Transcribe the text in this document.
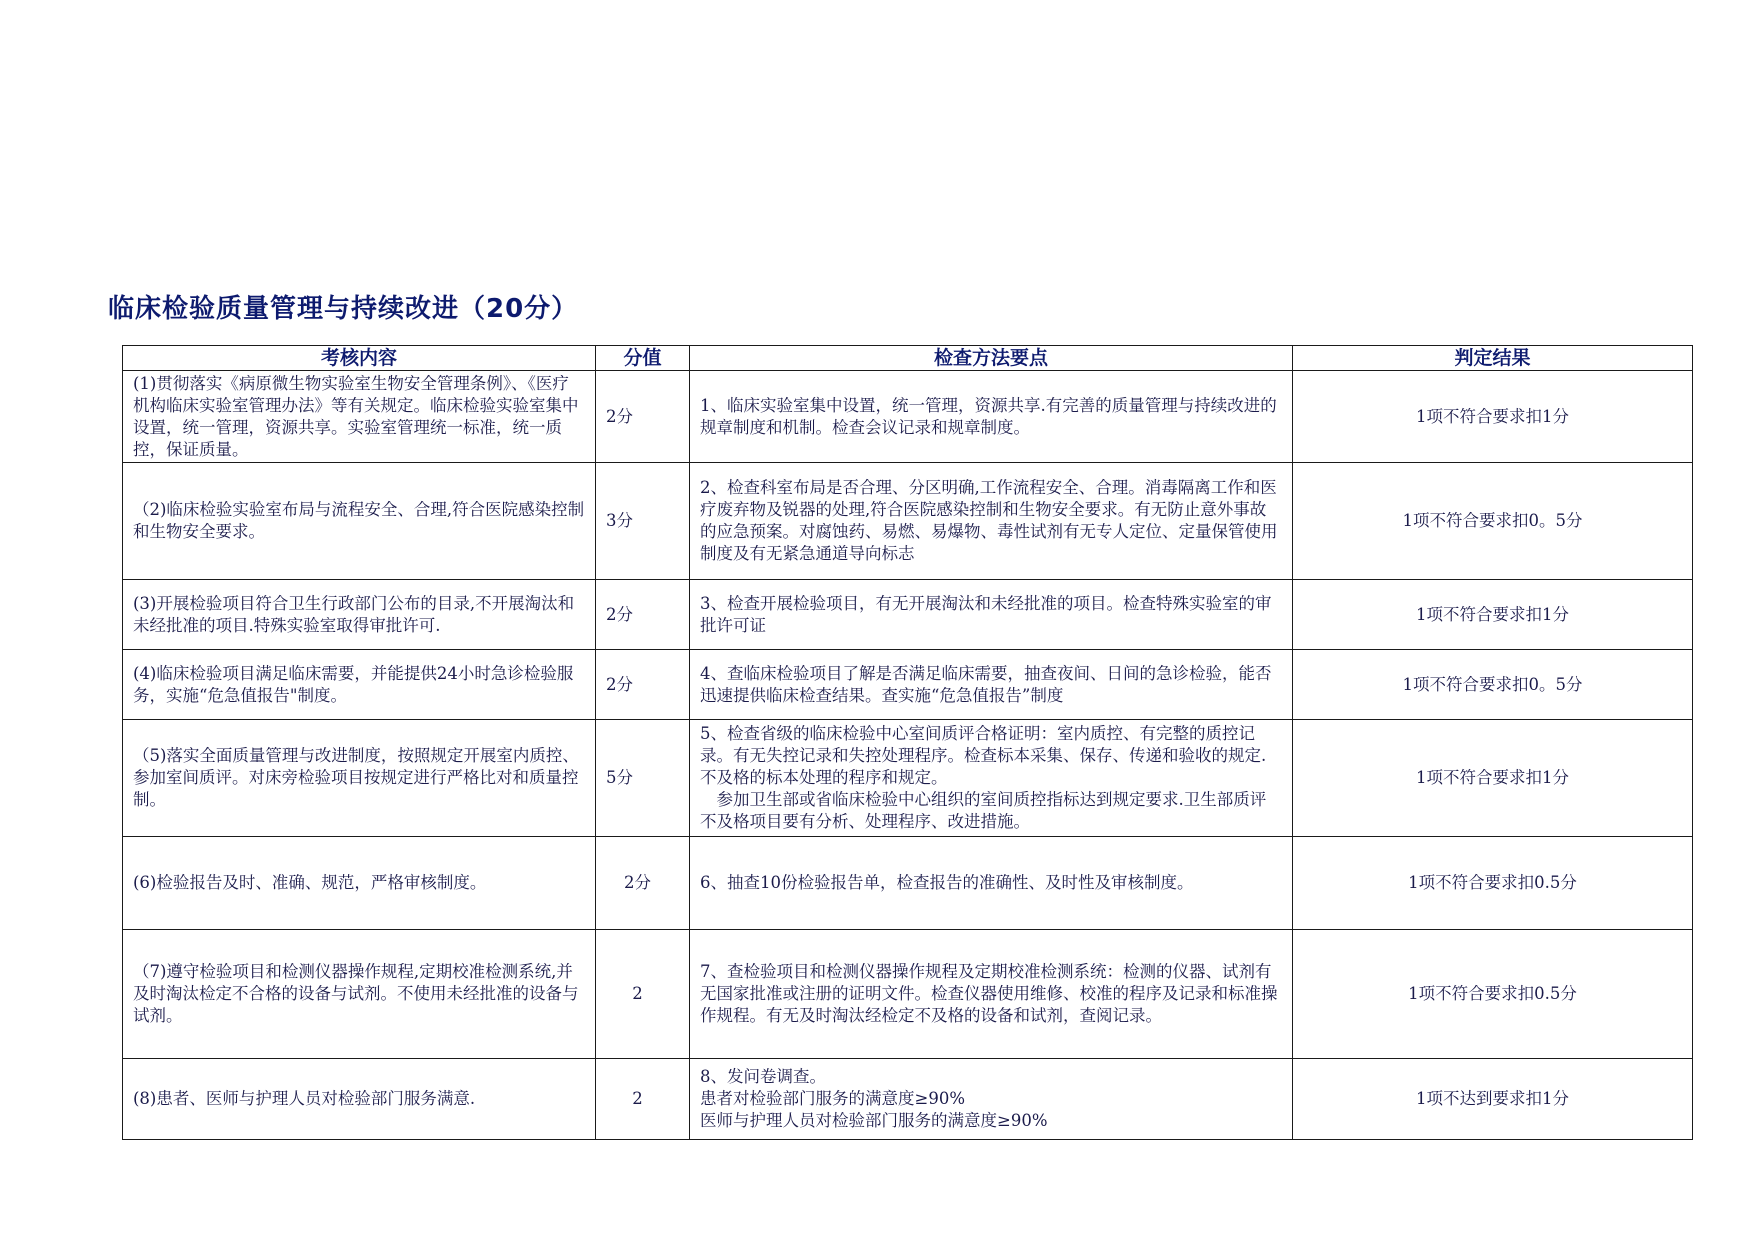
临床检验质量管理与持续改进（20分）
考核内容	分值	检查方法要点	判定结果
(1)贯彻落实《病原微生物实验室生物安全管理条例》、《医疗机构临床实验室管理办法》等有关规定。临床检验实验室集中设置，统一管理，资源共享。实验室管理统一标准，统一质控，保证质量。	2分	1、临床实验室集中设置，统一管理，资源共享.有完善的质量管理与持续改进的规章制度和机制。检查会议记录和规章制度。	1项不符合要求扣1分
（2)临床检验实验室布局与流程安全、合理,符合医院感染控制和生物安全要求。	3分	2、检查科室布局是否合理、分区明确,工作流程安全、合理。消毒隔离工作和医疗废弃物及锐器的处理,符合医院感染控制和生物安全要求。有无防止意外事故的应急预案。对腐蚀药、易燃、易爆物、毒性试剂有无专人定位、定量保管使用制度及有无紧急通道导向标志	1项不符合要求扣0。5分
(3)开展检验项目符合卫生行政部门公布的目录,不开展淘汰和未经批准的项目.特殊实验室取得审批许可.	2分	3、检查开展检验项目，有无开展淘汰和未经批准的项目。检查特殊实验室的审批许可证	1项不符合要求扣1分
(4)临床检验项目满足临床需要，并能提供24小时急诊检验服务，实施“危急值报告"制度。	2分	4、查临床检验项目了解是否满足临床需要，抽查夜间、日间的急诊检验，能否迅速提供临床检查结果。查实施“危急值报告”制度	1项不符合要求扣0。5分
（5)落实全面质量管理与改进制度，按照规定开展室内质控、参加室间质评。对床旁检验项目按规定进行严格比对和质量控制。	5分	5、检查省级的临床检验中心室间质评合格证明：室内质控、有完整的质控记录。有无失控记录和失控处理程序。检查标本采集、保存、传递和验收的规定.不及格的标本处理的程序和规定。
　参加卫生部或省临床检验中心组织的室间质控指标达到规定要求.卫生部质评不及格项目要有分析、处理程序、改进措施。	1项不符合要求扣1分
(6)检验报告及时、准确、规范，严格审核制度。	2分	6、抽查10份检验报告单，检查报告的准确性、及时性及审核制度。	1项不符合要求扣0.5分
（7)遵守检验项目和检测仪器操作规程,定期校准检测系统,并及时淘汰检定不合格的设备与试剂。不使用未经批准的设备与试剂。	2	7、查检验项目和检测仪器操作规程及定期校准检测系统：检测的仪器、试剂有无国家批准或注册的证明文件。检查仪器使用维修、校准的程序及记录和标准操作规程。有无及时淘汰经检定不及格的设备和试剂，查阅记录。	1项不符合要求扣0.5分
(8)患者、医师与护理人员对检验部门服务满意.	2	8、发问卷调查。
患者对检验部门服务的满意度≥90%
医师与护理人员对检验部门服务的满意度≥90%	1项不达到要求扣1分
